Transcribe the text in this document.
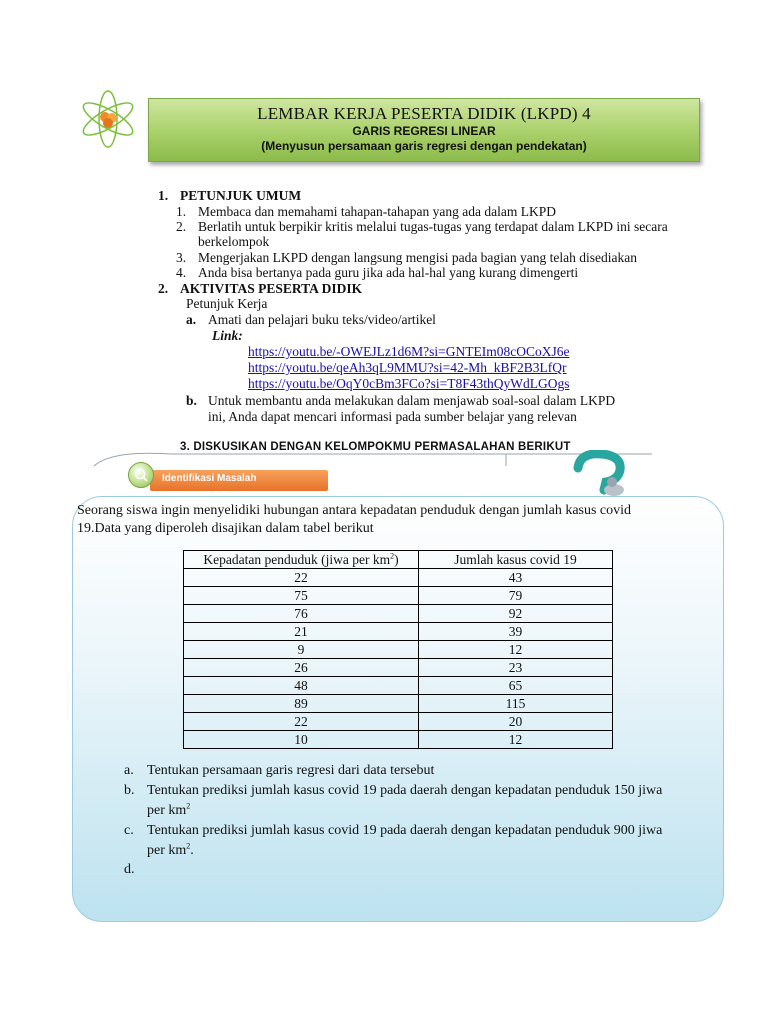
LEMBAR KERJA PESERTA DIDIK (LKPD) 4
GARIS REGRESI LINEAR
(Menyusun persamaan garis regresi dengan pendekatan)
1. PETUNJUK UMUM
1. Membaca dan memahami tahapan-tahapan yang ada dalam LKPD
2. Berlatih untuk berpikir kritis melalui tugas-tugas yang terdapat dalam LKPD ini secara
berkelompok
3. Mengerjakan LKPD dengan langsung mengisi pada bagian yang telah disediakan
4. Anda bisa bertanya pada guru jika ada hal-hal yang kurang dimengerti
2. AKTIVITAS PESERTA DIDIK
Petunjuk Kerja
a. Amati dan pelajari buku teks/video/artikel
Link:
https://youtu.be/-OWEJLz1d6M?si=GNTEIm08cOCoXJ6e
https://youtu.be/qeAh3qL9MMU?si=42-Mh_kBF2B3LfQr
https://youtu.be/OqY0cBm3FCo?si=T8F43thQyWdLGOgs
b. Untuk membantu anda melakukan dalam menjawab soal-soal dalam LKPD
ini, Anda dapat mencari informasi pada sumber belajar yang relevan
3. DISKUSIKAN DENGAN KELOMPOKMU PERMASALAHAN BERIKUT
Identifikasi Masalah
Seorang siswa ingin menyelidiki hubungan antara kepadatan penduduk dengan jumlah kasus covid
19.Data yang diperoleh disajikan dalam tabel berikut
Kepadatan penduduk (jiwa per $km^2$)	Jumlah kasus covid 19
22	43
75	79
76	92
21	39
9	12
26	23
48	65
89	115
22	20
10	12
a. Tentukan persamaan garis regresi dari data tersebut
b. Tentukan prediksi jumlah kasus covid 19 pada daerah dengan kepadatan penduduk 150 jiwa
per $km^2$
c. Tentukan prediksi jumlah kasus covid 19 pada daerah dengan kepadatan penduduk 900 jiwa
per $km^2$.
d.
